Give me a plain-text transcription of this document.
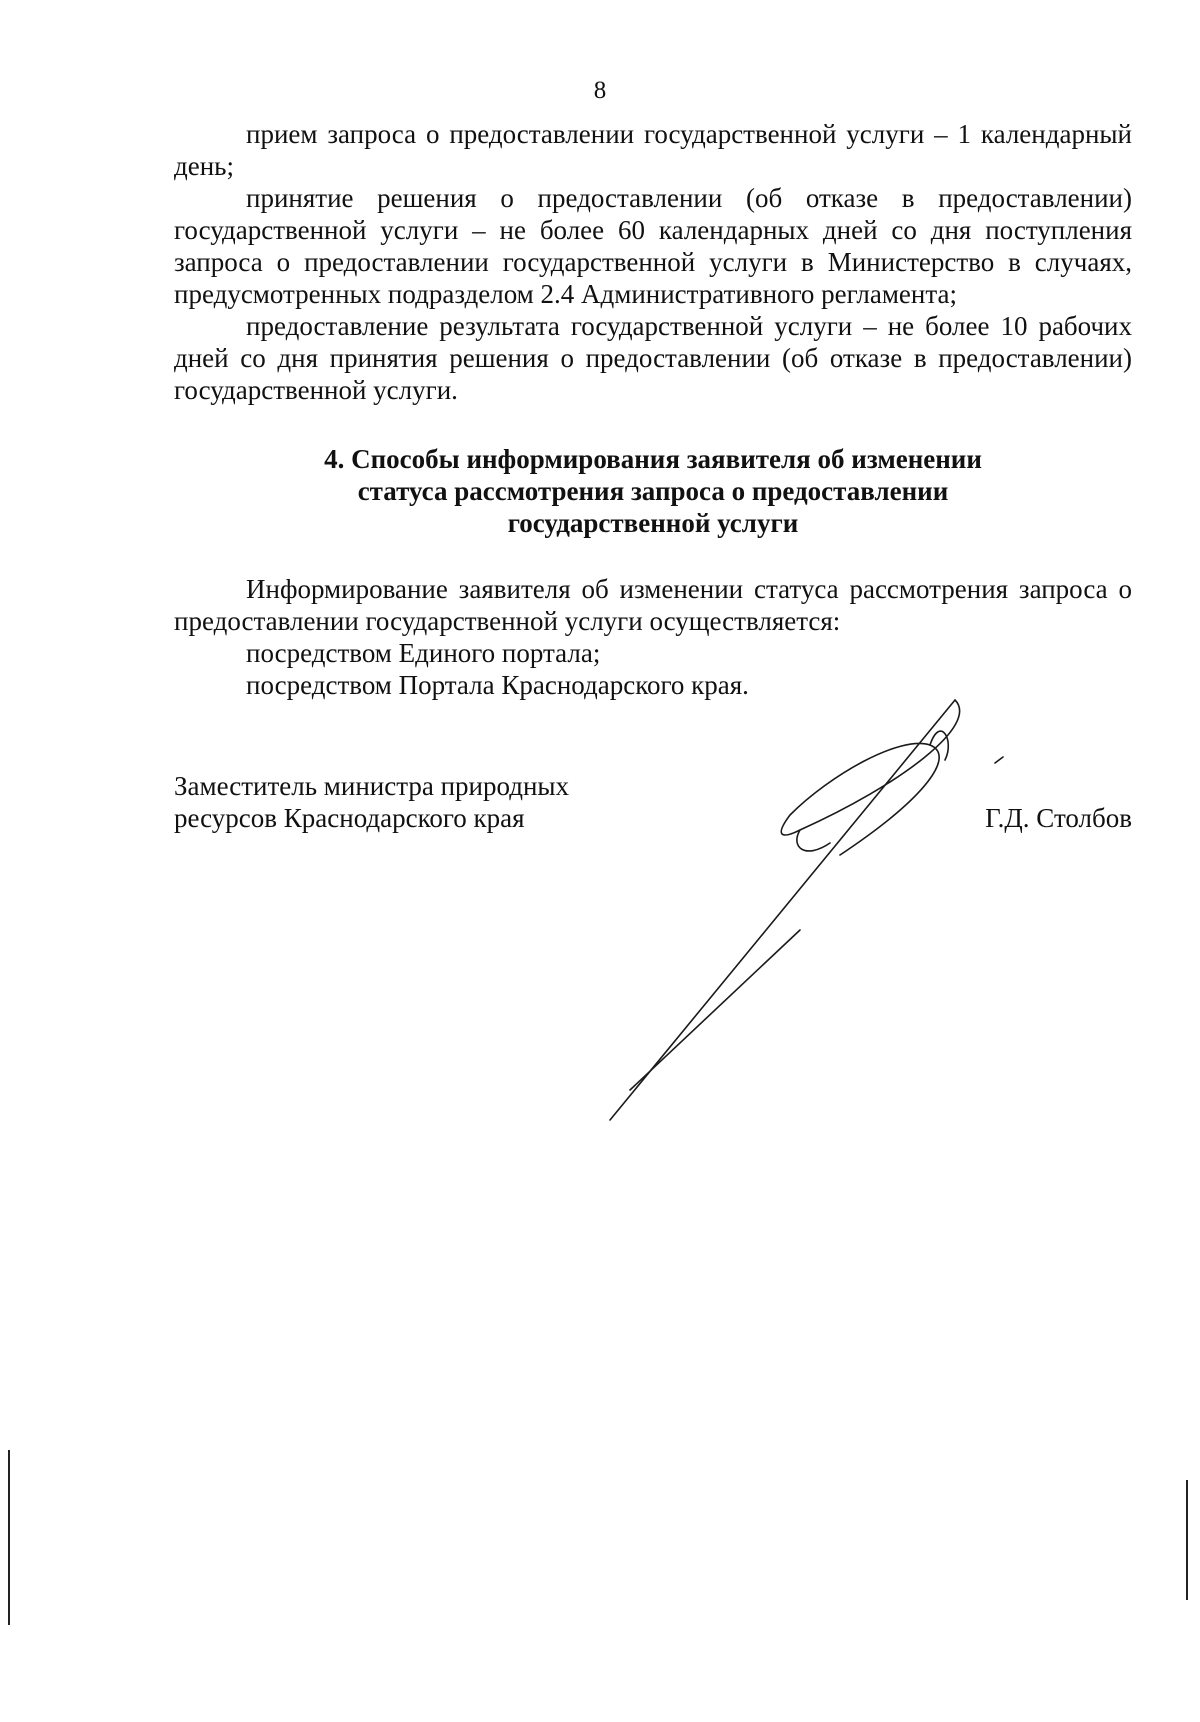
8

прием запроса о предоставлении государственной услуги – 1 календарный день;

принятие решения о предоставлении (об отказе в предоставлении) государственной услуги – не более 60 календарных дней со дня поступления запроса о предоставлении государственной услуги в Министерство в случаях, предусмотренных подразделом 2.4 Административного регламента;

предоставление результата государственной услуги – не более 10 рабочих дней со дня принятия решения о предоставлении (об отказе в предоставлении) государственной услуги.

4. Способы информирования заявителя об изменении
статуса рассмотрения запроса о предоставлении
государственной услуги

Информирование заявителя об изменении статуса рассмотрения запроса о предоставлении государственной услуги осуществляется:

посредством Единого портала;

посредством Портала Краснодарского края.

Заместитель министра природных
ресурсов Краснодарского края	Г.Д. Столбов
